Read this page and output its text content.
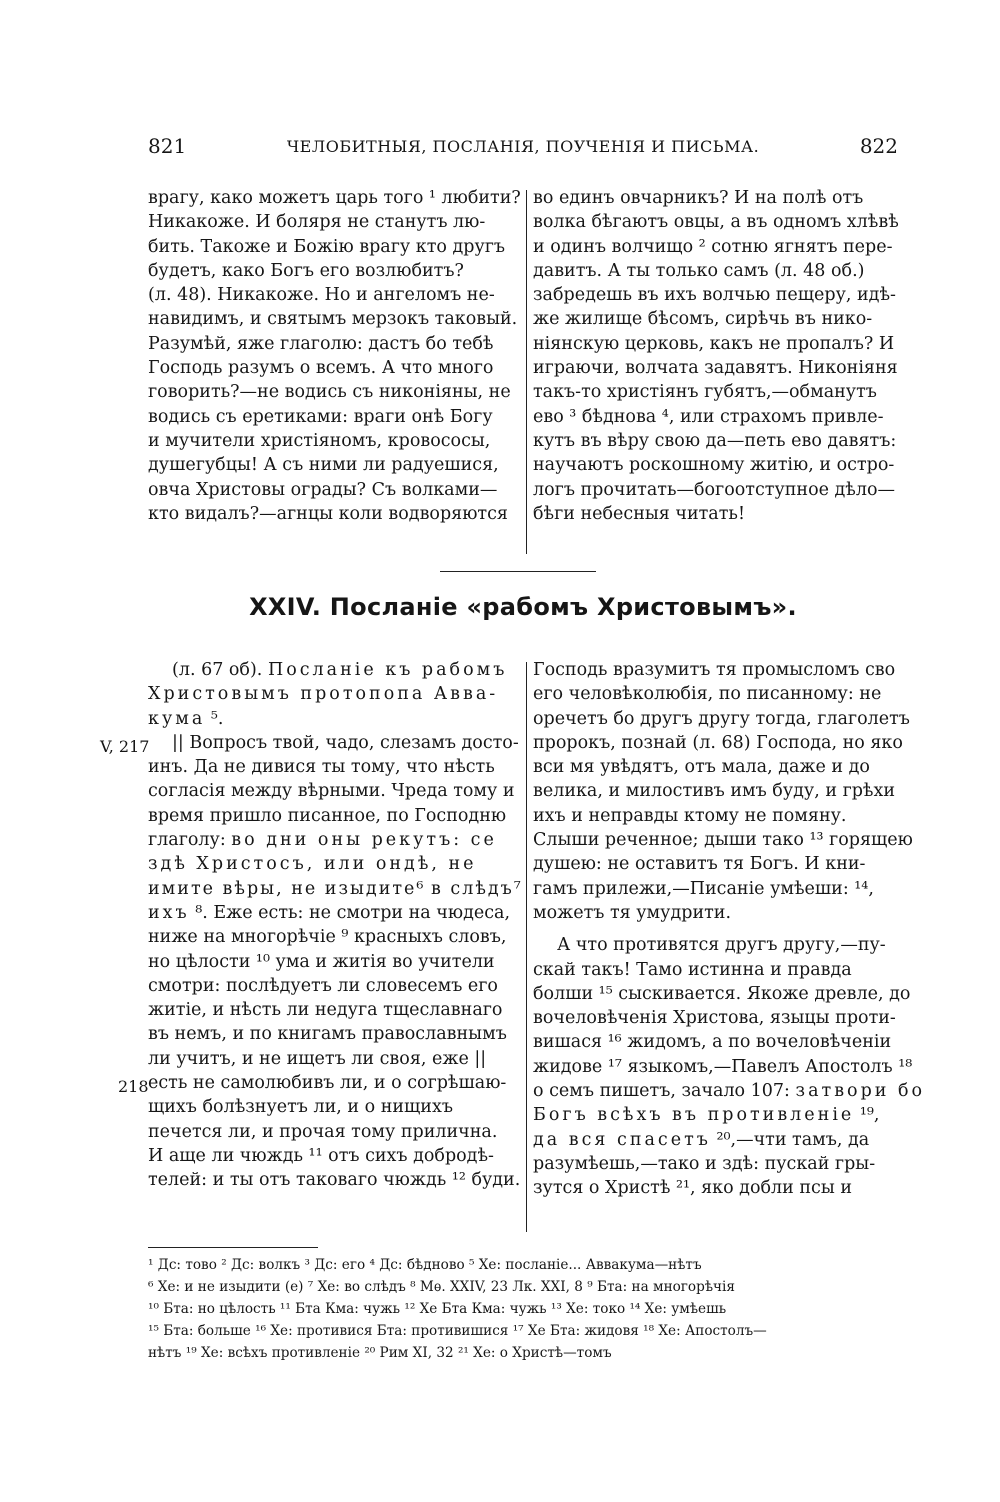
821	ЧЕЛОБИТНЫЯ, ПОСЛАНІЯ, ПОУЧЕНІЯ И ПИСЬМА.	822
врагу, како можетъ царь того ¹ любити?
Никакоже. И боляря не станутъ лю-
бить. Такоже и Божію врагу кто другъ
будетъ, како Богъ его возлюбитъ?
(л. 48). Никакоже. Но и ангеломъ не-
навидимъ, и святымъ мерзокъ таковый.
Разумѣй, яже глаголю: дастъ бо тебѣ
Господь разумъ о всемъ. А что много
говорить?—не водись съ никоніяны, не
водись съ еретиками: враги онѣ Богу
и мучители христіяномъ, кровососы,
душегубцы! А съ ними ли радуешися,
овча Христовы ограды? Съ волками—
кто видалъ?—агнцы коли водворяются
во единъ овчарникъ? И на полѣ отъ
волка бѣгаютъ овцы, а въ одномъ хлѣвѣ
и одинъ волчищо ² сотню ягнятъ пере-
давитъ. А ты только самъ (л. 48 об.)
забредешь въ ихъ волчью пещеру, идѣ-
же жилище бѣсомъ, сирѣчь въ нико-
ніянскую церковь, какъ не пропалъ? И
играючи, волчата задавятъ. Никоніяня
такъ-то христіянъ губятъ,—обманутъ
ево ³ бѣднова ⁴, или страхомъ привле-
кутъ въ вѣру свою да—петь ево давятъ:
научаютъ роскошному житію, и остро-
логъ прочитать—богоотступное дѣло—
бѣги небесныя читать!
XXIV. Посланіе «рабомъ Христовымъ».
V, 217
218
(л. 67 об). Посланіе къ рабомъ
Христовымъ протопопа Авва-
кума ⁵.
|| Вопросъ твой, чадо, слезамъ досто-
инъ. Да не дивися ты тому, что нѣсть
согласія между вѣрными. Чреда тому и
время пришло писанное, по Господню
глаголу: во дни оны рекутъ: се
здѣ Христосъ, или ондѣ, не
имите вѣры, не изыдите⁶ в слѣдъ⁷
ихъ ⁸. Еже есть: не смотри на чюдеса,
ниже на многорѣчіе ⁹ красныхъ словъ,
но цѣлости ¹⁰ ума и житія во учители
смотри: послѣдуетъ ли словесемъ его
житіе, и нѣсть ли недуга тщеславнаго
въ немъ, и по книгамъ православнымъ
ли учитъ, и не ищетъ ли своя, еже ||
есть не самолюбивъ ли, и о согрѣшаю-
щихъ болѣзнуетъ ли, и о нищихъ
печется ли, и прочая тому прилична.
И аще ли чюждь ¹¹ отъ сихъ добродѣ-
телей: и ты отъ таковаго чюждь ¹² буди.
Господь вразумитъ тя промысломъ сво
его человѣколюбія, по писанному: не
оречетъ бо другъ другу тогда, глаголетъ
пророкъ, познай (л. 68) Господа, но яко
вси мя увѣдятъ, отъ мала, даже и до
велика, и милостивъ имъ буду, и грѣхи
ихъ и неправды ктому не помяну.
Слыши реченное; дыши тако ¹³ горящею
душею: не оставитъ тя Богъ. И кни-
гамъ прилежи,—Писаніе умѣеши: ¹⁴,
можетъ тя умудрити.
А что противятся другъ другу,—пу-
скай такъ! Тамо истинна и правда
болши ¹⁵ сыскивается. Якоже древле, до
вочеловѣченія Христова, языцы проти-
вишася ¹⁶ жидомъ, а по вочеловѣченіи
жидове ¹⁷ языкомъ,—Павелъ Апостолъ ¹⁸
о семъ пишетъ, зачало 107: затвори бо
Богъ всѣхъ въ противленіе ¹⁹,
да вся спасетъ ²⁰,—чти тамъ, да
разумѣешь,—тако и здѣ: пускай гры-
зутся о Христѣ ²¹, яко добли псы и
¹ Дс: тово ² Дс: волкъ ³ Дс: его ⁴ Дс: бѣдново ⁵ Хе: посланіе... Аввакума—нѣтъ
⁶ Хе: и не изыдити (е) ⁷ Хе: во слѣдъ ⁸ Мѳ. XXIV, 23 Лк. XXI, 8 ⁹ Бта: на многорѣчія
¹⁰ Бта: но цѣлость ¹¹ Бта Кма: чужь ¹² Хе Бта Кма: чужь ¹³ Хе: токо ¹⁴ Хе: умѣешь
¹⁵ Бта: больше ¹⁶ Хе: противися Бта: противишися ¹⁷ Хе Бта: жидовя ¹⁸ Хе: Апостолъ—
нѣтъ ¹⁹ Хе: всѣхъ противленіе ²⁰ Рим XI, 32 ²¹ Хе: о Христѣ—томъ
